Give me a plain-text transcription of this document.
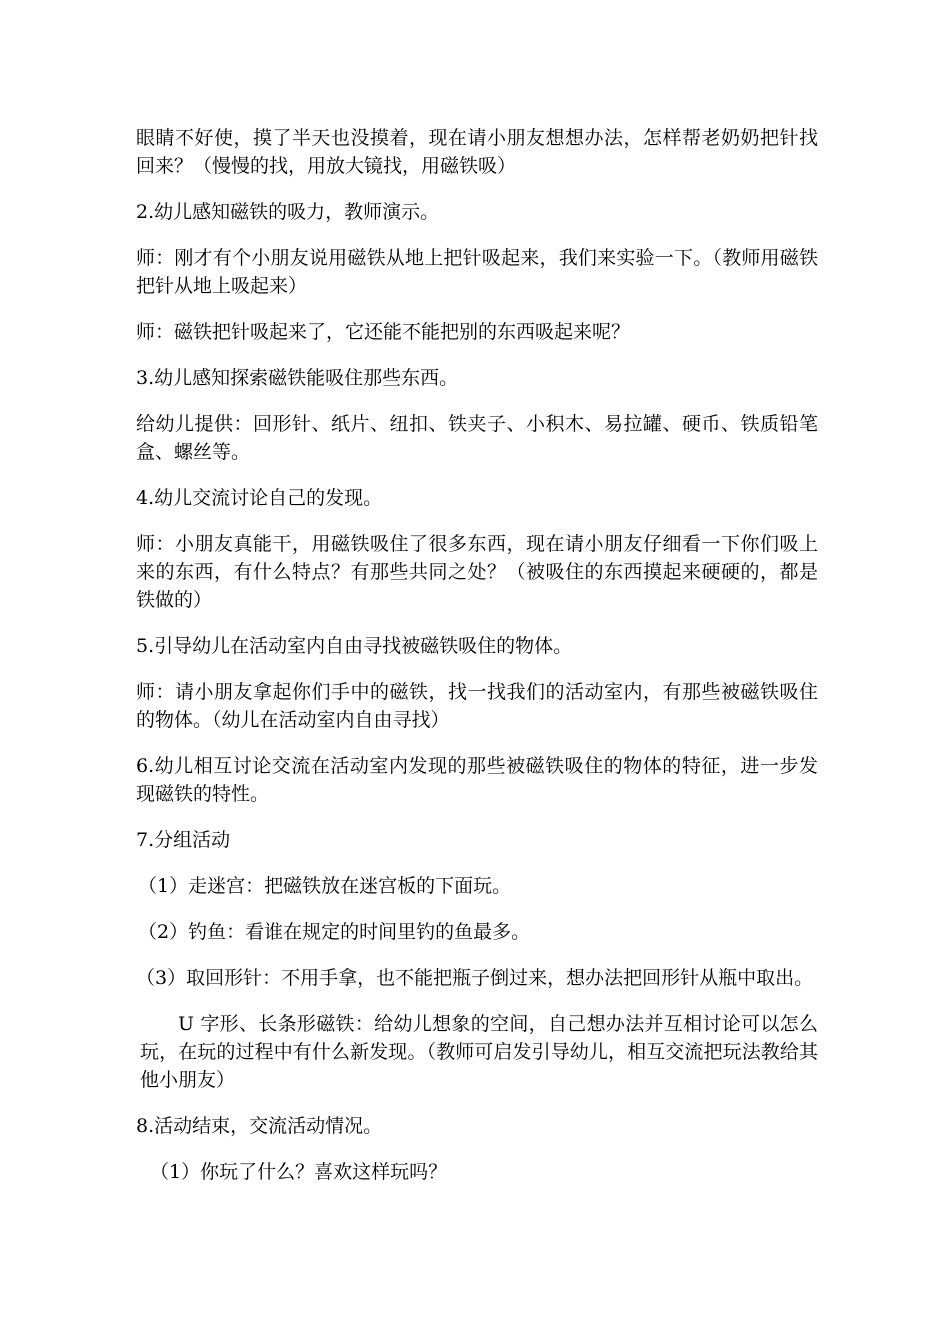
眼睛不好使，摸了半天也没摸着，现在请小朋友想想办法，怎样帮老奶奶把针找回来？（慢慢的找，用放大镜找，用磁铁吸）

2.幼儿感知磁铁的吸力，教师演示。

师：刚才有个小朋友说用磁铁从地上把针吸起来，我们来实验一下。（教师用磁铁把针从地上吸起来）

师：磁铁把针吸起来了，它还能不能把别的东西吸起来呢？

3.幼儿感知探索磁铁能吸住那些东西。

给幼儿提供：回形针、纸片、纽扣、铁夹子、小积木、易拉罐、硬币、铁质铅笔盒、螺丝等。

4.幼儿交流讨论自己的发现。

师：小朋友真能干，用磁铁吸住了很多东西，现在请小朋友仔细看一下你们吸上来的东西，有什么特点？有那些共同之处？（被吸住的东西摸起来硬硬的，都是铁做的）

5.引导幼儿在活动室内自由寻找被磁铁吸住的物体。

师：请小朋友拿起你们手中的磁铁，找一找我们的活动室内，有那些被磁铁吸住的物体。（幼儿在活动室内自由寻找）

6.幼儿相互讨论交流在活动室内发现的那些被磁铁吸住的物体的特征，进一步发现磁铁的特性。

7.分组活动

（1）走迷宫：把磁铁放在迷宫板的下面玩。

（2）钓鱼：看谁在规定的时间里钓的鱼最多。

（3）取回形针：不用手拿，也不能把瓶子倒过来，想办法把回形针从瓶中取出。

U 字形、长条形磁铁：给幼儿想象的空间，自己想办法并互相讨论可以怎么玩，在玩的过程中有什么新发现。（教师可启发引导幼儿，相互交流把玩法教给其他小朋友）

8.活动结束，交流活动情况。

（1）你玩了什么？喜欢这样玩吗？
